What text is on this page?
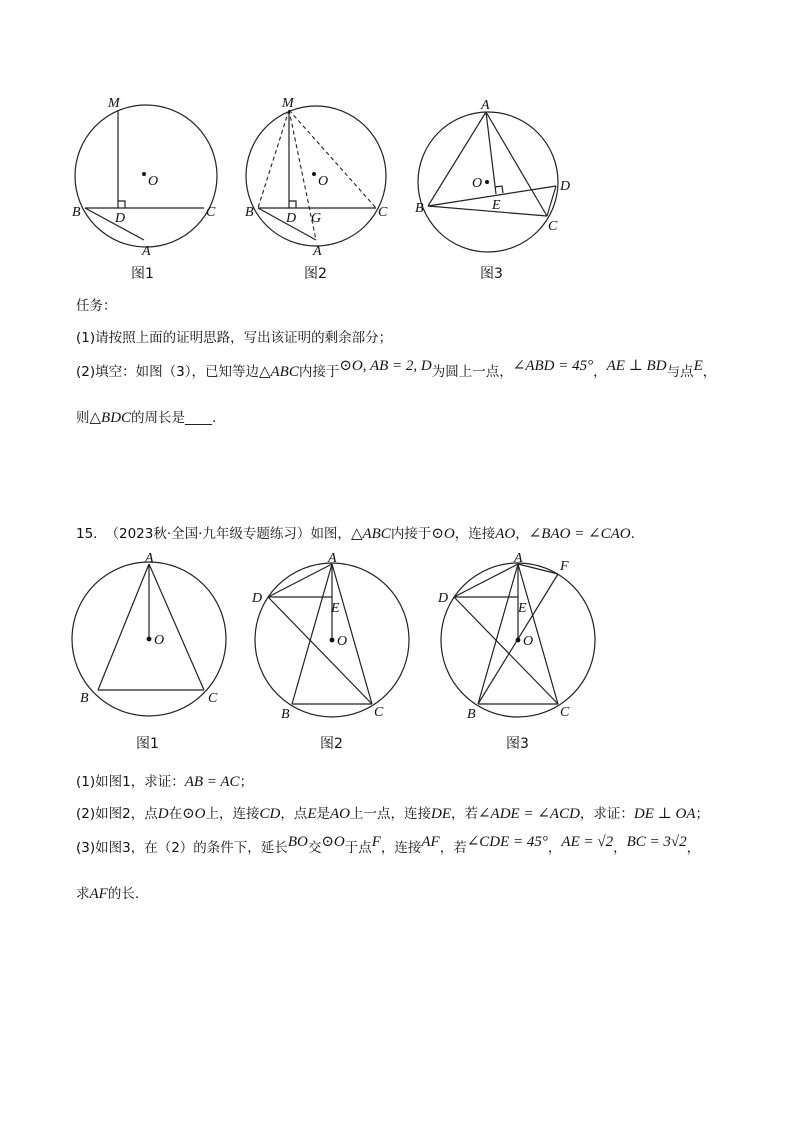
M
O
B D	C
A
图1
M
O
B D G	C
A
图2
A
O	D
B	E
C
图3
任务：
(1)请按照上面的证明思路，写出该证明的剩余部分；
(2)填空：如图（3），已知等边△ABC内接于⊙O, AB = 2, D为圆上一点，∠ABD = 45°，AE ⊥ BD与点E，
则△BDC的周长是____.
15. （2023秋·全国·九年级专题练习）如图，△ABC内接于⊙O，连接AO，∠BAO = ∠CAO.
A
O
B	C
图1
A
D
E
O
B	C
图2
A
F
D
E
O
B	C
图3
(1)如图1，求证：AB = AC；
(2)如图2，点D在⊙O上，连接CD，点E是AO上一点，连接DE，若∠ADE = ∠ACD，求证：DE ⊥ OA；
(3)如图3，在（2）的条件下，延长BO交⊙O于点F，连接AF，若∠CDE = 45°，AE = √2，BC = 3√2，
求AF的长.
